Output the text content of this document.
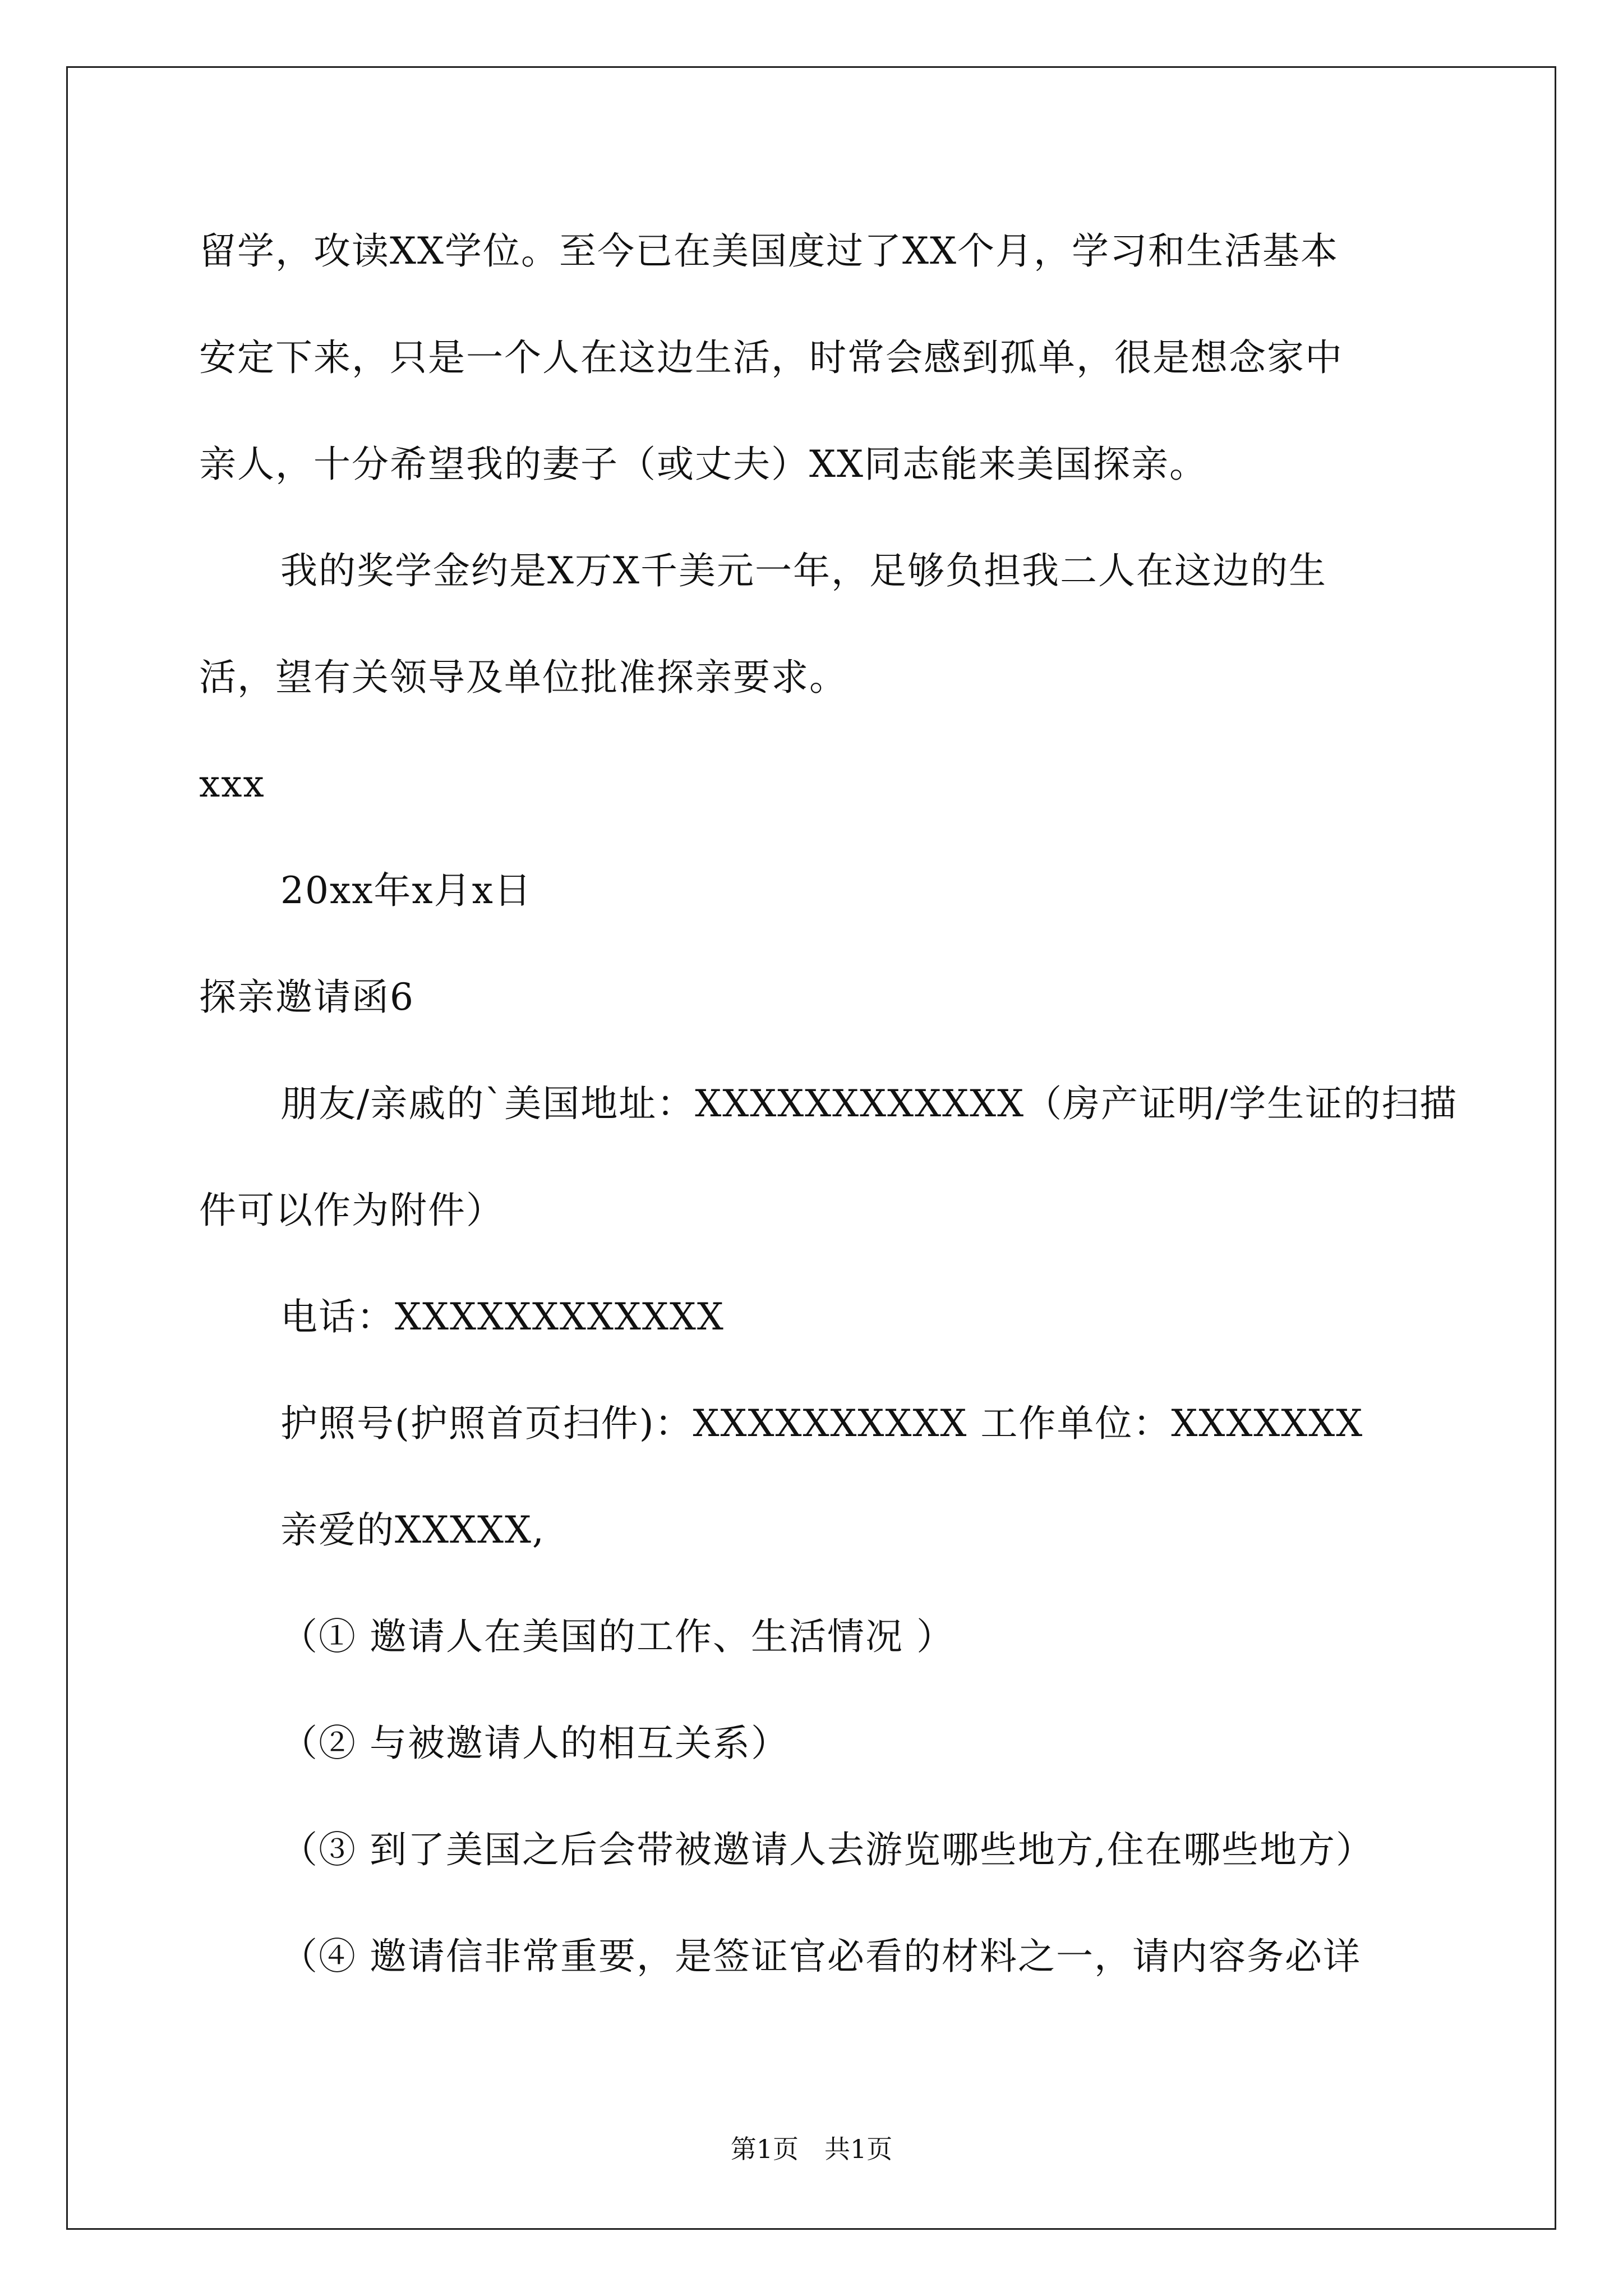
留学，攻读XX学位。至今已在美国度过了XX个月，学习和生活基本
安定下来，只是一个人在这边生活，时常会感到孤单，很是想念家中
亲人，十分希望我的妻子（或丈夫）XX同志能来美国探亲。
我的奖学金约是X万X千美元一年，足够负担我二人在这边的生
活，望有关领导及单位批准探亲要求。
xxx
20xx年x月x日
探亲邀请函6
朋友/亲戚的`美国地址：XXXXXXXXXXXX（房产证明/学生证的扫描
件可以作为附件）
电话：XXXXXXXXXXXX
护照号(护照首页扫件)：XXXXXXXXXX 工作单位：XXXXXXX
亲爱的XXXXX,
（① 邀请人在美国的工作、生活情况 ）
（② 与被邀请人的相互关系）
（③ 到了美国之后会带被邀请人去游览哪些地方,住在哪些地方）
（④ 邀请信非常重要，是签证官必看的材料之一，请内容务必详
第1页　共1页
